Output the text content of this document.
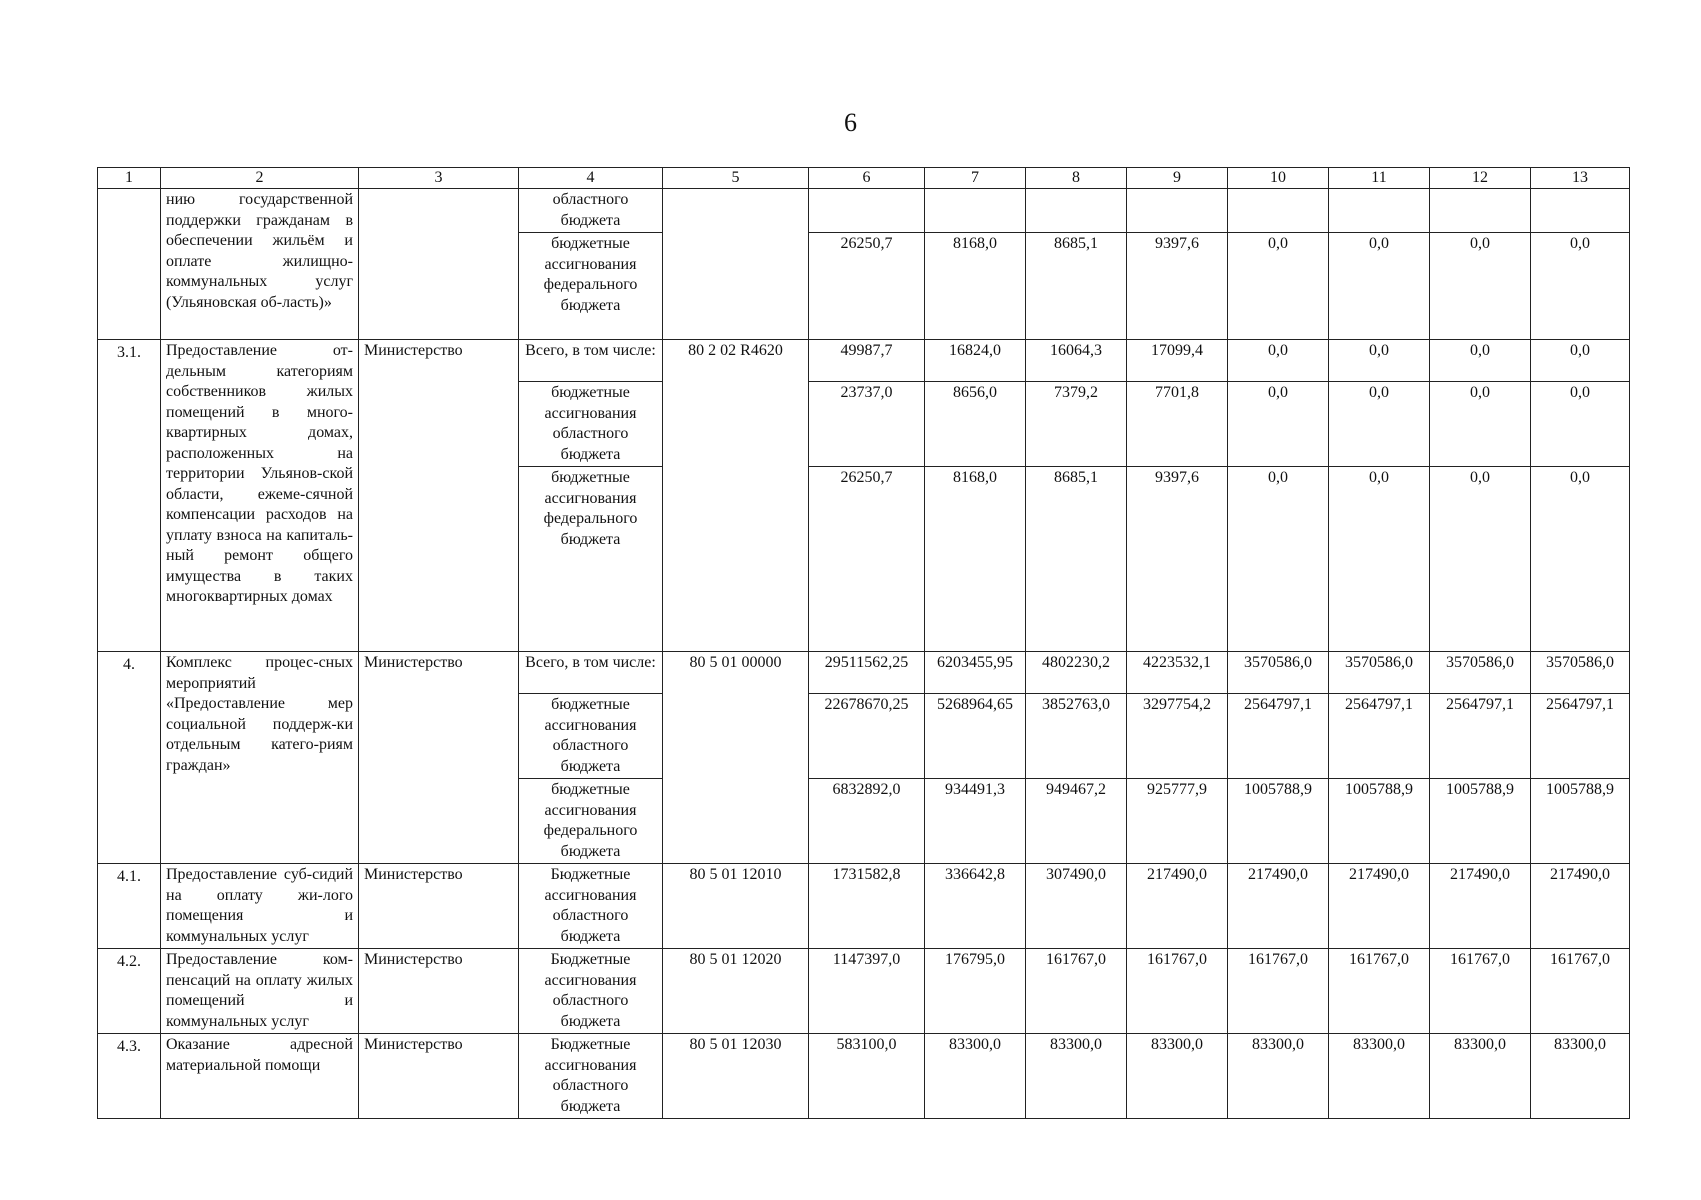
6
1	2	3	4	5	6	7	8	9	10	11	12	13
	нию государственной поддержки гражданам в обеспечении жильём и оплате жилищно-коммунальных услуг (Ульяновская об-ласть)»		областного бюджета									
			бюджетные ассигнования федерального бюджета		26250,7	8168,0	8685,1	9397,6	0,0	0,0	0,0	0,0
3.1.	Предоставление от-дельным категориям собственников жилых помещений в много-квартирных домах, расположенных на территории Ульянов-ской области, ежеме-сячной компенсации расходов на уплату взноса на капиталь-ный ремонт общего имущества в таких многоквартирных домах	Министерство	Всего, в том числе:	80 2 02 R4620	49987,7	16824,0	16064,3	17099,4	0,0	0,0	0,0	0,0
			бюджетные ассигнования областного бюджета		23737,0	8656,0	7379,2	7701,8	0,0	0,0	0,0	0,0
			бюджетные ассигнования федерального бюджета		26250,7	8168,0	8685,1	9397,6	0,0	0,0	0,0	0,0
4.	Комплекс процес-сных мероприятий «Предоставление мер социальной поддерж-ки отдельным катего-риям граждан»	Министерство	Всего, в том числе:	80 5 01 00000	29511562,25	6203455,95	4802230,2	4223532,1	3570586,0	3570586,0	3570586,0	3570586,0
			бюджетные ассигнования областного бюджета		22678670,25	5268964,65	3852763,0	3297754,2	2564797,1	2564797,1	2564797,1	2564797,1
			бюджетные ассигнования федерального бюджета		6832892,0	934491,3	949467,2	925777,9	1005788,9	1005788,9	1005788,9	1005788,9
4.1.	Предоставление суб-сидий на оплату жи-лого помещения и коммунальных услуг	Министерство	Бюджетные ассигнования областного бюджета	80 5 01 12010	1731582,8	336642,8	307490,0	217490,0	217490,0	217490,0	217490,0	217490,0
4.2.	Предоставление ком-пенсаций на оплату жилых помещений и коммунальных услуг	Министерство	Бюджетные ассигнования областного бюджета	80 5 01 12020	1147397,0	176795,0	161767,0	161767,0	161767,0	161767,0	161767,0	161767,0
4.3.	Оказание адресной материальной помощи	Министерство	Бюджетные ассигнования областного бюджета	80 5 01 12030	583100,0	83300,0	83300,0	83300,0	83300,0	83300,0	83300,0	83300,0
